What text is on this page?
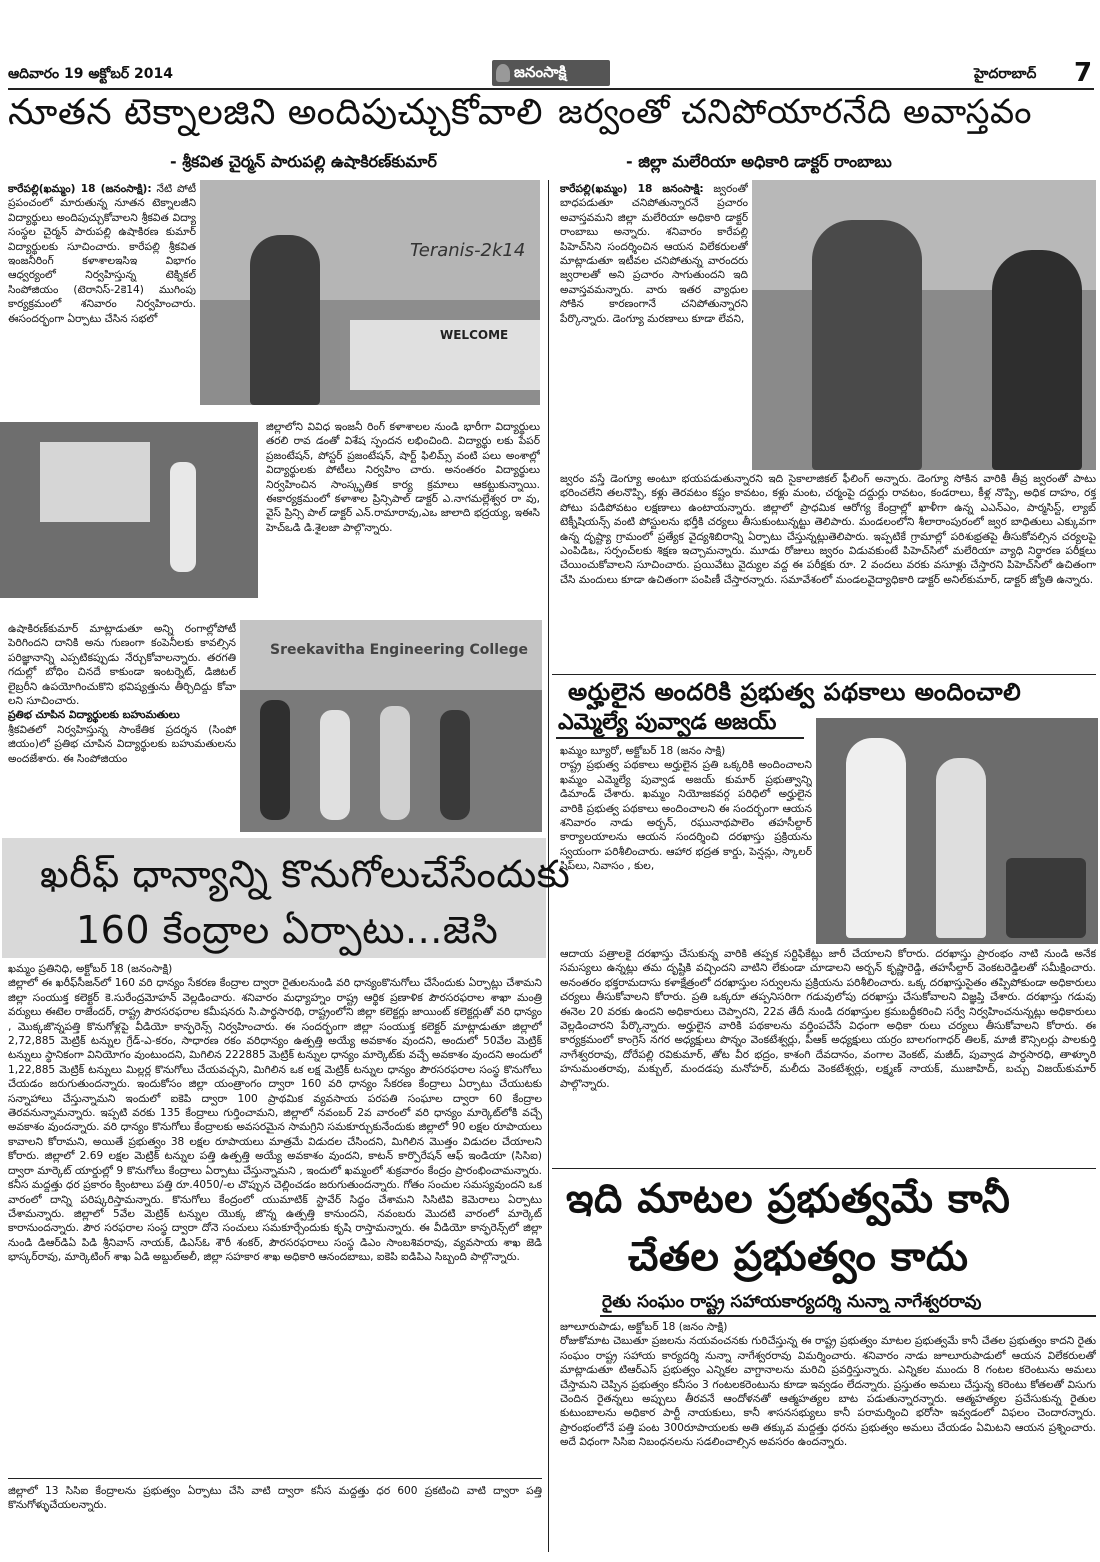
ఆదివారం 19 అక్టోబర్ 2014	జనంసాక్షి	హైదరాబాద్ 7
నూతన టెక్నాలజిని అందిపుచ్చుకోవాలి
- శ్రీకవిత చైర్మన్ పారుపల్లి ఉషాకిరణ్‌కుమార్
కారేపల్లి(ఖమ్మం) 18 (జనంసాక్షి): నేటి పోటీ ప్రపంచంలో మారుతున్న నూతన టెక్నాలజీని విద్యార్థులు అందిపుచ్చుకోవాలని శ్రీకవిత విద్యా సంస్థల చైర్మన్ పారుపల్లి ఉషాకిరణ కుమార్ విద్యార్థులకు సూచించారు. కారేపల్లి శ్రీకవిత ఇంజనీరింగ్ కళాశాలఇసిఇ విభాగం ఆధ్వర్యంలో నిర్వహిస్తున్న టెక్నికల్ సింపోజియం (టెరానిస్-2కె14) ముగింపు కార్యక్రమంలో శనివారం నిర్వహించారు. ఈసందర్భంగా ఏర్పాటు చేసిన సభలో
Teranis-2k14
WELCOME
జిల్లాలోని వివిధ ఇంజనీ రింగ్ కళాశాలల నుండి భారీగా విద్యార్థులు తరలి రావ డంతో విశేష స్పందన లభించింది. విద్యార్థు లకు పేపర్ ప్రజంటేషన్, పోస్టర్ ప్రజంటేషన్, షార్ట్ ఫిలిమ్స్ వంటి పలు అంశాల్లో విద్యార్థులకు పోటీలు నిర్వహిం చారు. అనంతరం విద్యార్థులు నిర్వహించిన సాంస్కృతిక కార్య క్రమాలు ఆకట్టుకున్నాయి. ఈకార్యక్రమంలో కళాశాల ప్రిన్సిపాల్ డాక్టర్ ఎ.నాగమల్లేశ్వర రా వు, వైస్ ప్రిన్సి పాల్ డాక్టర్ ఎన్.రామారావు,ఎఒ జాలాది భద్రయ్య, ఇఈసి హెచ్‌ఒడి డి.శైలజా పాల్గొన్నారు.
ఉషాకిరణ్‌కుమార్ మాట్లాడుతూ అన్ని రంగాల్లోపోటీ పెరిగిందని దానికి అను గుణంగా కంపెనీలకు కావల్సిన పరిజ్ఞానాన్ని ఎప్పటికప్పుడు నేర్చుకోవాలన్నారు. తరగతి గదుల్లో బోధిం చినదే కాకుండా ఇంటర్నెట్, డిజిటల్ లైబ్రరీని ఉపయోగించుకొని భవిష్యత్తును తీర్చిదిద్దు కోవా లని సూచించారు.
ప్రతిభ చూపిన విద్యార్థులకు బహుమతులు
శ్రీకవితలో నిర్వహిస్తున్న సాంకేతిక ప్రదర్శన (సింపో జియం)లో ప్రతిభ చూపిన విద్యార్థులకు బహుమతులను అందజేశారు. ఈ సింపోజియం
Sreekavitha Engineering College
జర్వంతో చనిపోయారనేది అవాస్తవం
- జిల్లా మలేరియా అధికారి డాక్టర్ రాంబాబు
కారేపల్లి(ఖమ్మం) 18 జనంసాక్షి: జ్వరంతో బాధపడుతూ చనిపోతున్నారనే ప్రచారం అవాస్తవమని జిల్లా మలేరియా అధికారి డాక్టర్ రాంబాబు అన్నారు. శనివారం కారేపల్లి పిహెచ్‌సిని సందర్శించిన ఆయన విలేకరులతో మాట్లాడుతూ ఇటీవల చనిపోతున్న వారందరు జ్వరాలతో అని ప్రచారం సాగుతుందని ఇది అవాస్తవమన్నారు. వారు ఇతర వ్యాధుల సోకిన కారణంగానే చనిపోతున్నారని పేర్కొన్నారు. డెంగ్యూ మరణాలు కూడా లేవని,
జ్వరం వస్తే డెంగ్యూ అంటూ భయపడుతున్నారని ఇది సైకాలాజికల్ ఫీలింగ్ అన్నారు. డెంగ్యూ సోకిన వారికి తీవ్ర జ్వరంతో పాటు భరించలేని తలనొప్పి, కళ్లు తెరవటం కష్టం కావటం, కళ్లు మంట, చర్మంపై దద్దుర్లు రావటం, కండరాలు, కీళ్ల నొప్పి, అధిక దాహం, రక్త పోటు పడిపోవటం లక్షణాలు ఉంటాయన్నారు. జిల్లాలో ప్రాధమిక ఆరోగ్య కేంద్రాల్లో ఖాళీగా ఉన్న ఎఎన్‌ఎం, పార్మసిస్ట్, ల్యాబ్ టెక్నీషియన్స్ వంటి పోస్టులను భర్తీకి చర్యలు తీసుకుంటున్నట్టు తెలిపారు. మండలంలోని శీలారాంపురంలో జ్వర బాధితులు ఎక్కువగా ఉన్న దృష్ట్యా గ్రామంలో ప్రత్యేక వైద్యశిబిరాన్ని ఏర్పాటు చేస్తున్నట్లుతెలిపారు. ఇప్పటికే గ్రామాల్లో పరిశుభ్రతపై తీసుకోవల్సిన చర్యలపై ఎంపిడిఒ, సర్పంచ్‌లకు శిక్షణ ఇచ్చామన్నారు. మూడు రోజులు జ్వరం విడువకుంటే పిహెచ్‌సిలో మలేరియా వ్యాధి నిర్థారణ పరీక్షలు చేయించుకోవాలని సూచించారు. ప్రయివేటు వైద్యుల వద్ద ఈ పరీక్షకు రూ. 2 వందలు వరకు వసూళ్లు చేస్తారని పిహెచ్‌సిలో ఉచితంగా చేసి మందులు కూడా ఉచితంగా పంపిణీ చేస్తారన్నారు. సమావేశంలో మండలవైద్యాధికారి డాక్టర్ అనిల్‌కుమార్, డాక్టర్ జ్యోతి ఉన్నారు.
అర్హులైన అందరికి ప్రభుత్వ పథకాలు అందించాలి
ఎమ్మెల్యే పువ్వాడ అజయ్
ఖమ్మం బ్యూరో, అక్టోబర్ 18 (జనం సాక్షి)
రాష్ట్ర ప్రభుత్వ పథకాలు అర్హులైన ప్రతి ఒక్కరికి అందించాలని ఖమ్మం ఎమ్మెల్యే పువ్వాడ అజయ్ కుమార్ ప్రభుత్వాన్ని డిమాండ్ చేశారు. ఖమ్మం నియోజకవర్గ పరిధిలో అర్హులైన వారికి ప్రభుత్వ పథకాలు అందించాలని ఈ సందర్భంగా ఆయన శనివారం నాడు అర్బన్, రఘునాథపాలెం తహసీల్దార్ కార్యాలయాలను ఆయన సందర్శించి దరఖాస్తు ప్రక్రియను స్వయంగా పరిశీలించారు. ఆహార భద్రత కార్డు, పెన్షన్లు, స్కాలర్ షిప్‌లు, నివాసం , కుల,
ఆదాయ పత్రాలకై దరఖాస్తు చేసుకున్న వారికి తప్పక సర్టిఫికేట్లు జారీ చేయాలని కోరారు. దరఖాస్తు ప్రారంభం నాటి నుండి అనేక సమస్యలు ఉన్నట్లు తమ దృష్టికి వచ్చిందని వాటిని లేకుండా చూడాలని అర్బన్ కృష్ణారెడ్డి, తహసీల్దార్ వెంకటరెడ్డిలతో సమీక్షించారు. అనంతరం భక్తరామదాసు కళాక్షేత్రంలో దరఖాస్తుల సర్వులను ప్రక్రియను పరిశీలించారు. ఒక్క దరఖాస్తుసైతం తప్పిపోకుండా అధికారులు చర్యలు తీసుకోవాలని కోరారు. ప్రతి ఒక్కరూ తప్పనిసరిగా గడువులోపు దరఖాస్తు చేసుకోవాలని విజ్ఞప్తి చేశారు. దరఖాస్తు గడువు ఈనెల 20 వరకు ఉందని అధికారులు చెప్పారని, 22వ తేదీ నుండి దరఖాస్తుల క్రమబద్ధీకరించి సర్వే నిర్వహించనున్నట్లు అధికారులు వెల్లడించారని పేర్కొన్నారు. అర్హులైన వారికి పథకాలను వర్తింపచేసే విధంగా అధికా రులు చర్యలు తీసుకోవాలని కోరారు. ఈ కార్యక్రమంలో కాంగ్రెస్ నగర అధ్యక్షులు పొన్నం వెంకటేశ్వర్లు, పీఆక్ అధ్యక్షులు యర్రం బాలగంగాధర్ తిలక్, మాజీ కౌన్సిలర్లు పాలకుర్తి నాగేశ్వరరావు, దోరేపల్లి రవికుమార్, తోట వీర భద్రం, కాశంగి దేవదానం, వంగాల వెంకట్, మజీద్, పువ్వాడ పార్ధసారధి, తాళ్ళూరి హనుమంతరావు, మక్బుల్, మందడపు మనోహర్, మలీదు వెంకటేశ్వర్లు, లక్ష్మణ్ నాయక్, ముజాహిద్, బచ్చు విజయ్‌కుమార్ పాల్గొన్నారు.
ఖరీఫ్ ధాన్యాన్ని కొనుగోలుచేసేందుకు
160 కేంద్రాల ఏర్పాటు...జెసి
ఖమ్మం ప్రతినిధి, అక్టోబర్ 18 (జనంసాక్షి)
జిల్లాలో ఈ ఖరీఫ్‌సీజన్‌లో 160 వరి ధాన్యం సేకరణ కేంద్రాల ద్వారా రైతులనుండి వరి ధాన్యంకొనుగోలు చేసేందుకు ఏర్పాట్లు చేశామని జిల్లా సంయుక్త కలెక్టర్ కె.సురేంద్రమోహన్ వెల్లడించారు. శనివారం మధ్యాహ్నం రాష్ట్ర ఆర్థిక ప్రణాళిక పౌరసరఫరాల శాఖా మంత్రి వర్యులు ఈటెల రాజేందర్, రాష్ట్ర పౌరసరఫరాల కమీషనరు సి.పార్థసారథి, రాష్ట్రంలోని జిల్లా కలెక్టర్లు జాయింట్ కలెక్టర్లుతో వరి ధాన్యం , మొక్కజొన్నపత్తి కొనుగోళ్లపై వీడియో కాన్ఫరెన్స్ నిర్వహించారు. ఈ సందర్భంగా జిల్లా సంయుక్త కలెక్టర్ మాట్లాడుతూ జిల్లాలో 2,72,885 మెట్రిక్ టన్నుల గ్రేడ్-ఎ-కరం, సాధారణ రకం వరిధాన్యం ఉత్పత్తి అయ్యే అవకాశం వుందని, అందులో 50వేల మెట్రిక్ టన్నులు స్థానికంగా వినియోగం వుంటుందని, మిగిలిన 222885 మెట్రిక్ టన్నుల ధాన్యం మార్కెట్‌కు వచ్చే అవకాశం వుందని అందులో 1,22,885 మెట్రిక్ టన్నులు మిల్లర్ల కొనుగోలు చేయవచ్చని, మిగిలిన ఒక లక్ష మెట్రిక్ టన్నుల ధాన్యం పౌరసరఫరాల సంస్థ కొనుగోలు చేయడం జరుగుతుందన్నారు. ఇందుకోసం జిల్లా యంత్రాంగం ద్వారా 160 వరి ధాన్యం సేకరణ కేంద్రాలు ఏర్పాటు చేయుటకు సన్నాహాలు చేస్తున్నామని ఇందులో ఐకెపి ద్వారా 100 ప్రాథమిక వ్యవసాయ పరపతి సంఘాల ద్వారా 60 కేంద్రాల తెరవనున్నామన్నారు. ఇప్పటి వరకు 135 కేంద్రాలు గుర్తించామని, జిల్లాలో నవంబర్ 2వ వారంలో వరి ధాన్యం మార్కెట్‌లోకి వచ్చే అవకాశం వుందన్నారు. వరి ధాన్యం కొనుగోలు కేంద్రాలకు అవసరమైన సామగ్రిని సమకూర్చుకునేందుకు జిల్లాలో 90 లక్షల రూపాయలు కావాలని కోరామని, అయితే ప్రభుత్వం 38 లక్షల రూపాయలు మాత్రమే విడుదల చేసిందని, మిగిలిన మొత్తం విడుదల చేయాలని కోరారు. జిల్లాలో 2.69 లక్షల మెట్రిక్ టన్నుల పత్తి ఉత్పత్తి అయ్యే అవకాశం వుందని, కాటన్ కార్పొరేషన్ ఆఫ్ ఇండియా (సిసిఐ) ద్వారా మార్కెట్ యార్డుల్లో 9 కొనుగోలు కేంద్రాలు ఏర్పాటు చేస్తున్నామని , ఇందులో ఖమ్మంలో శుక్రవారం కేంద్రం ప్రారంభించామన్నారు. కనీస మద్దత్తు ధర ప్రకారం క్వింటాలు పత్తి రూ.4050/-ల చొప్పున చెల్లించడం జరుగుతుందన్నారు. గోతం సంచుల సమస్యవుందని ఒక వారంలో దాన్ని పరిష్కరిస్తామన్నారు. కొనుగోలు కేంద్రంలో యుమాటిక్ స్టావేర్ సిద్ధం చేశామని సిసిటివి కెమెరాలు ఏర్పాటు చేశామన్నారు. జిల్లాలో 5వేల మెట్రిక్ టన్నుల యొక్క జొన్న ఉత్పత్తి కానుందని, నవంబరు మొదటి వారంలో మార్కెట్ కారానుందన్నారు. పౌర సరఫరాల సంస్థ ద్వారా దోనె సంచులు సమకూర్చేందుకు కృషి రాస్తామన్నారు. ఈ వీడియో కాన్ఫరెన్స్‌లో జిల్లా నుండి డిఆర్‌డిఏ పిడి శ్రీనివాస్ నాయక్, డిఎస్‌ఓ శౌరీ శంకర్, పౌరసరఫరాలు సంస్థ డిఎం సాంబశివరావు, వ్యవసాయ శాఖ జెడి భాస్కర్‌రావు, మార్కెటింగ్ శాఖ ఏడి అబ్దుల్‌అలీ, జిల్లా సహకార శాఖ అధికారి ఆనందబాబు, ఐకెపి ఐడిపిఎ సిబ్బంది పాల్గొన్నారు.
జిల్లాలో 13 సిసిఐ కేంద్రాలను ప్రభుత్వం ఏర్పాటు చేసి వాటి ద్వారా కనీస మద్దత్తు ధర 600 ప్రకటించి వాటి ద్వారా పత్తి కొనుగోళ్ళుచేయలన్నారు.
ఇది మాటల ప్రభుత్వమే కానీ
చేతల ప్రభుత్వం కాదు
రైతు సంఘం రాష్ట్ర సహాయకార్యదర్శి నున్నా నాగేశ్వరరావు
జూలూరుపాడు, అక్టోబర్ 18 (జనం సాక్షి)
రోజుకోమాట చెబుతూ ప్రజలను నయవంచనకు గురిచేస్తున్న ఈ రాష్ట్ర ప్రభుత్వం మాటల ప్రభుత్వమే కానీ చేతల ప్రభుత్వం కాదని రైతు సంఘం రాష్ట్ర సహాయ కార్యదర్శి నున్నా నాగేశ్వరరావు విమర్శించారు. శనివారం నాడు జూలూరుపాడులో ఆయన విలేకరులతో మాట్లాడుతూ టిఆర్ఎస్ ప్రభుత్వం ఎన్నికల వాగ్దానాలను మరిచి ప్రవర్తిస్తున్నారు. ఎన్నికల ముందు 8 గంటల కరెంటును అమలు చేస్తామని చెప్పిన ప్రభుత్వం కనీసం 3 గంటలకరెంటును కూడా ఇవ్వడం లేదన్నారు. ప్రస్తుతం అమలు చేస్తున్న కరెంటు కోతలతో విసుగు చెందిన రైతన్నలు అప్పులు తీరవనే ఆందోళనతో ఆత్మహత్యల బాట పడుతున్నారన్నారు. ఆత్మహత్యల ప్రచేసుకున్న రైతుల కుటుంబాలను అధికార పార్టీ నాయకులు, కానీ శాసనసభ్యులు కానీ పరామర్శించి భరోసా ఇవ్వడంలో విఫలం చెందారన్నారు. ప్రారంభంలోనే పత్తి పంట 300రూపాయలకు అతి తక్కువ మద్దత్తు ధరను ప్రభుత్వం అమలు చేయడం ఏమిటని ఆయన ప్రశ్నించారు. అదే విధంగా సిసిఐ నిబంధనలను సడలించాల్సిన అవసరం ఉందన్నారు.
